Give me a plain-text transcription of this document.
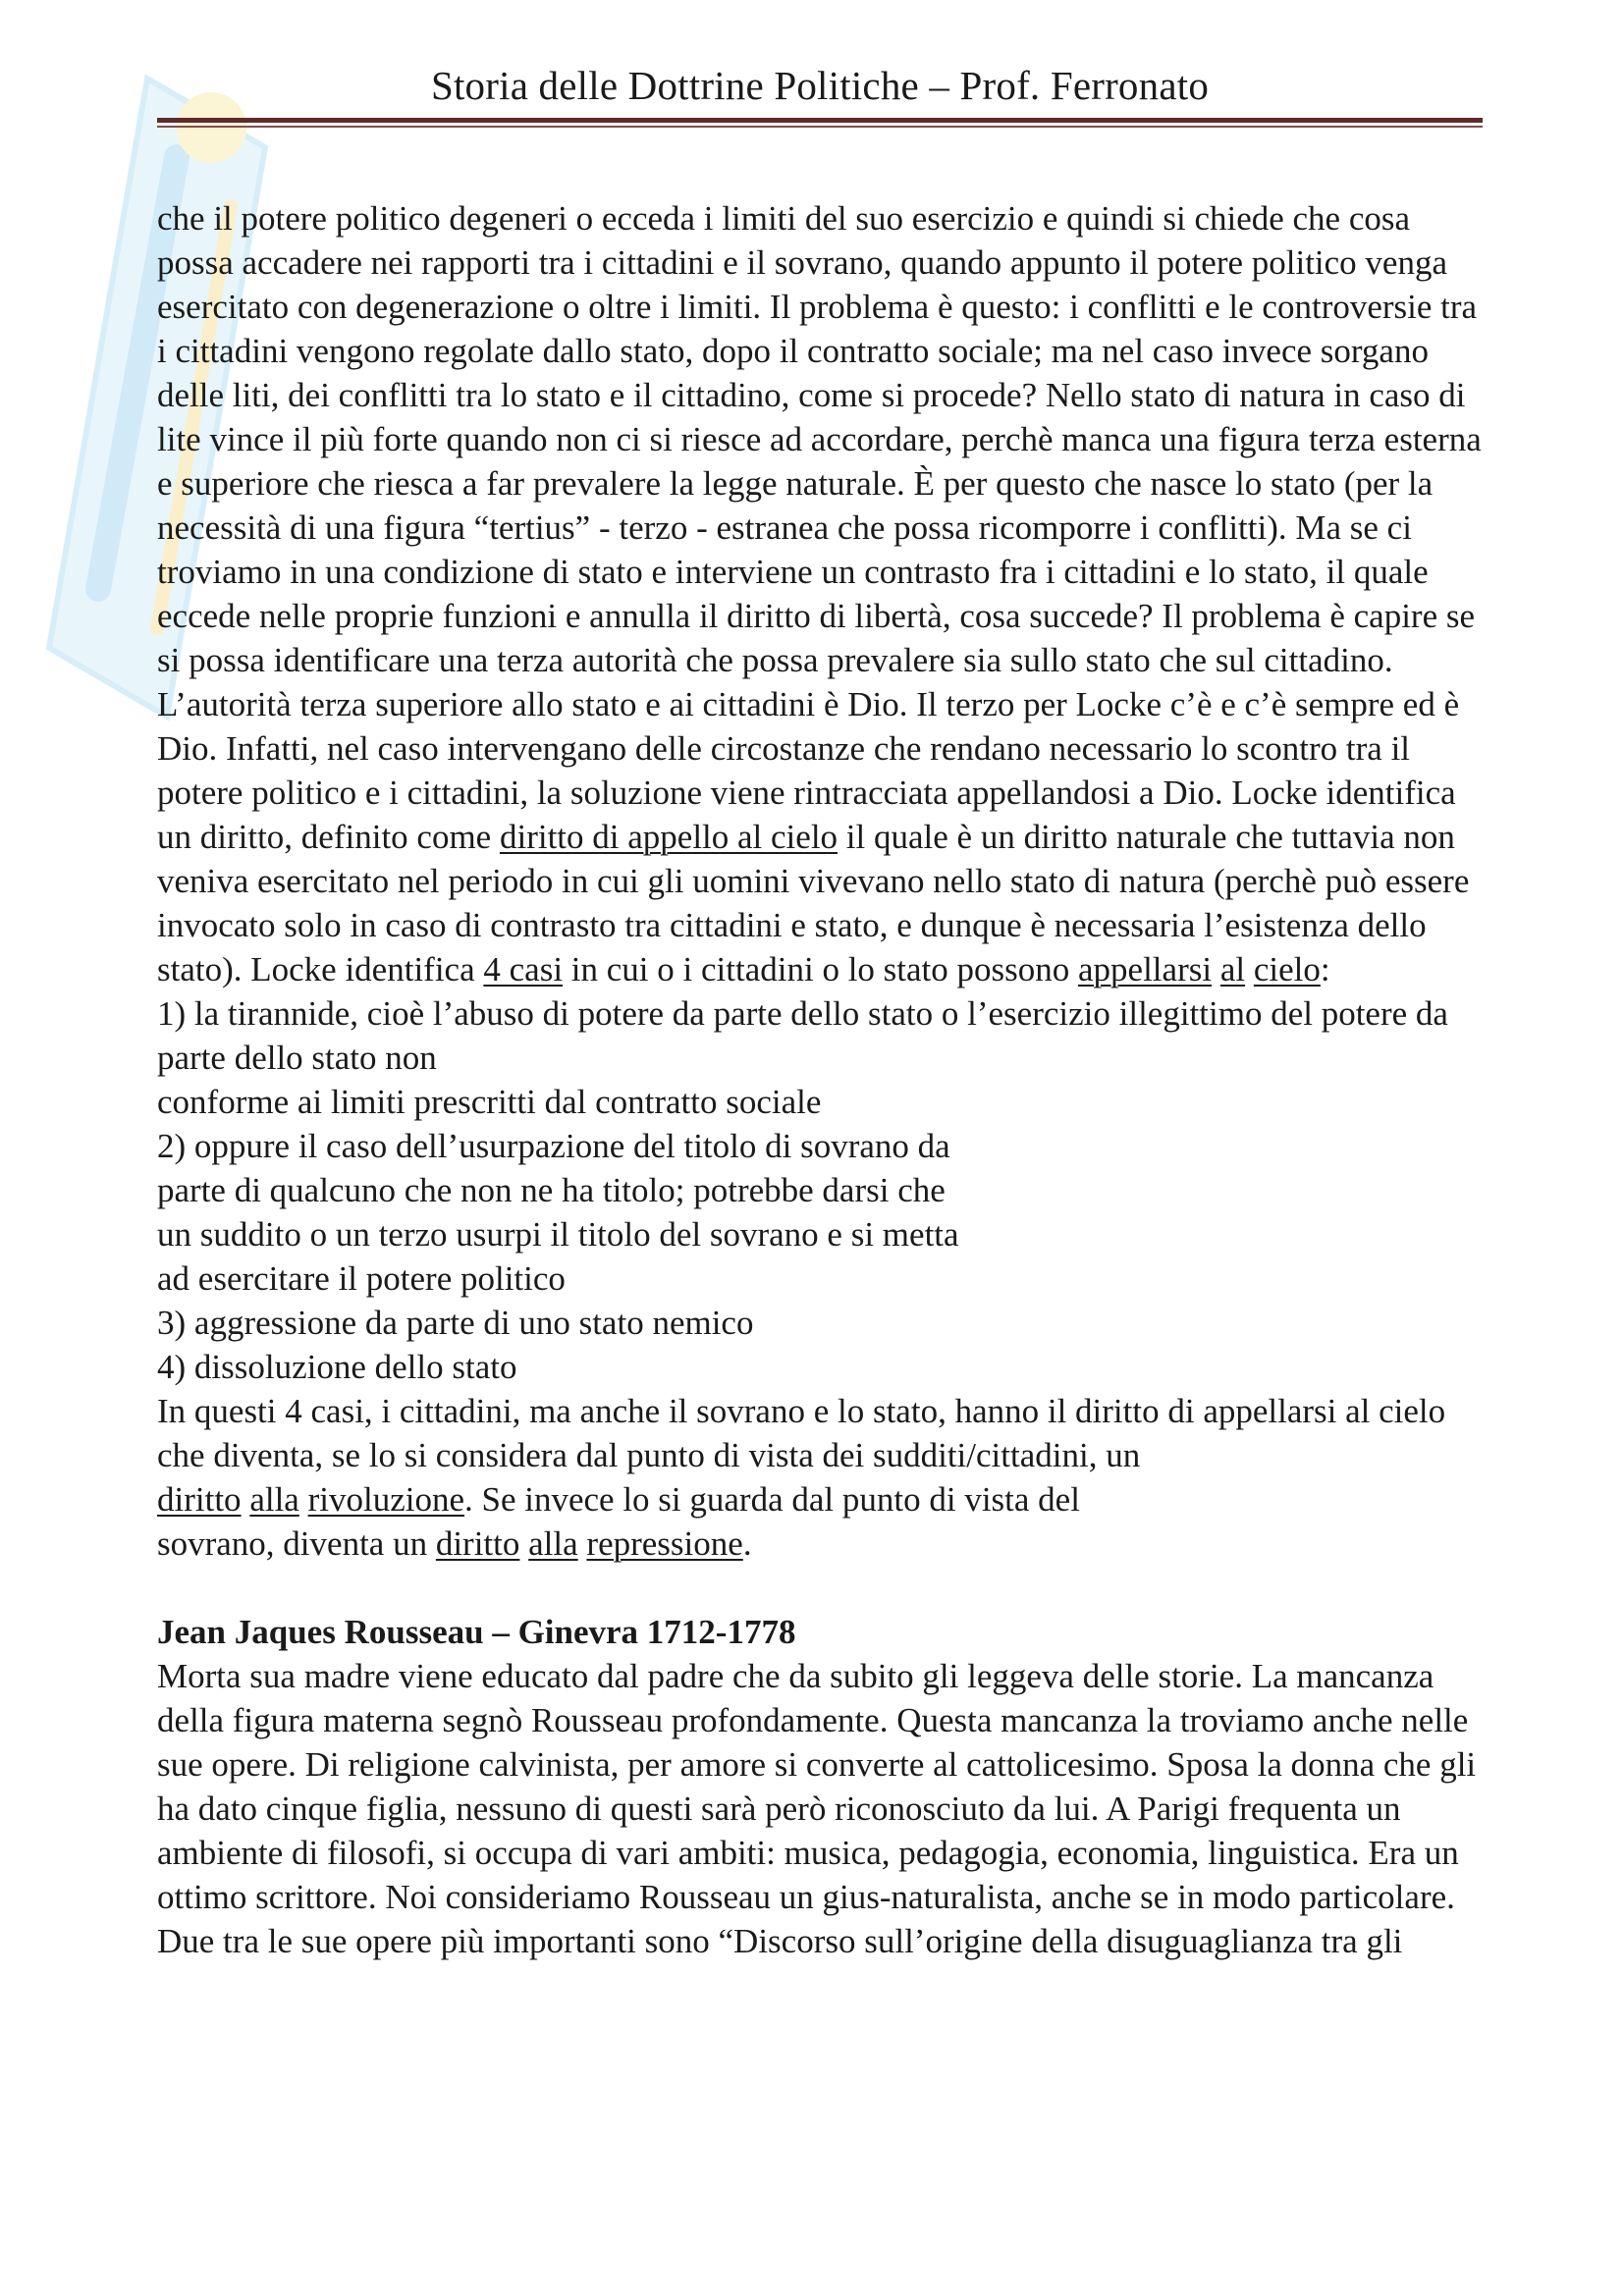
Storia delle Dottrine Politiche – Prof. Ferronato

che il potere politico degeneri o ecceda i limiti del suo esercizio e quindi si chiede che cosa possa accadere nei rapporti tra i cittadini e il sovrano, quando appunto il potere politico venga esercitato con degenerazione o oltre i limiti. Il problema è questo: i conflitti e le controversie tra i cittadini vengono regolate dallo stato, dopo il contratto sociale; ma nel caso invece sorgano delle liti, dei conflitti tra lo stato e il cittadino, come si procede? Nello stato di natura in caso di lite vince il più forte quando non ci si riesce ad accordare, perchè manca una figura terza esterna e superiore che riesca a far prevalere la legge naturale. È per questo che nasce lo stato (per la necessità di una figura “tertius” - terzo - estranea che possa ricomporre i conflitti). Ma se ci troviamo in una condizione di stato e interviene un contrasto fra i cittadini e lo stato, il quale eccede nelle proprie funzioni e annulla il diritto di libertà, cosa succede? Il problema è capire se si possa identificare una terza autorità che possa prevalere sia sullo stato che sul cittadino. L’autorità terza superiore allo stato e ai cittadini è Dio. Il terzo per Locke c’è e c’è sempre ed è Dio. Infatti, nel caso intervengano delle circostanze che rendano necessario lo scontro tra il potere politico e i cittadini, la soluzione viene rintracciata appellandosi a Dio. Locke identifica un diritto, definito come diritto di appello al cielo il quale è un diritto naturale che tuttavia non veniva esercitato nel periodo in cui gli uomini vivevano nello stato di natura (perchè può essere invocato solo in caso di contrasto tra cittadini e stato, e dunque è necessaria l’esistenza dello stato). Locke identifica 4 casi in cui o i cittadini o lo stato possono appellarsi al cielo:

1) la tirannide, cioè l’abuso di potere da parte dello stato o l’esercizio illegittimo del potere da parte dello stato non

conforme ai limiti prescritti dal contratto sociale

2) oppure il caso dell’usurpazione del titolo di sovrano da

parte di qualcuno che non ne ha titolo; potrebbe darsi che

un suddito o un terzo usurpi il titolo del sovrano e si metta

ad esercitare il potere politico

3) aggressione da parte di uno stato nemico

4) dissoluzione dello stato

In questi 4 casi, i cittadini, ma anche il sovrano e lo stato, hanno il diritto di appellarsi al cielo che diventa, se lo si considera dal punto di vista dei sudditi/cittadini, un
diritto alla rivoluzione. Se invece lo si guarda dal punto di vista del
sovrano, diventa un diritto alla repressione.

Jean Jaques Rousseau – Ginevra 1712-1778

Morta sua madre viene educato dal padre che da subito gli leggeva delle storie. La mancanza della figura materna segnò Rousseau profondamente. Questa mancanza la troviamo anche nelle sue opere. Di religione calvinista, per amore si converte al cattolicesimo. Sposa la donna che gli ha dato cinque figlia, nessuno di questi sarà però riconosciuto da lui. A Parigi frequenta un ambiente di filosofi, si occupa di vari ambiti: musica, pedagogia, economia, linguistica. Era un ottimo scrittore. Noi consideriamo Rousseau un gius-naturalista, anche se in modo particolare. Due tra le sue opere più importanti sono “Discorso sull’origine della disuguaglianza tra gli
